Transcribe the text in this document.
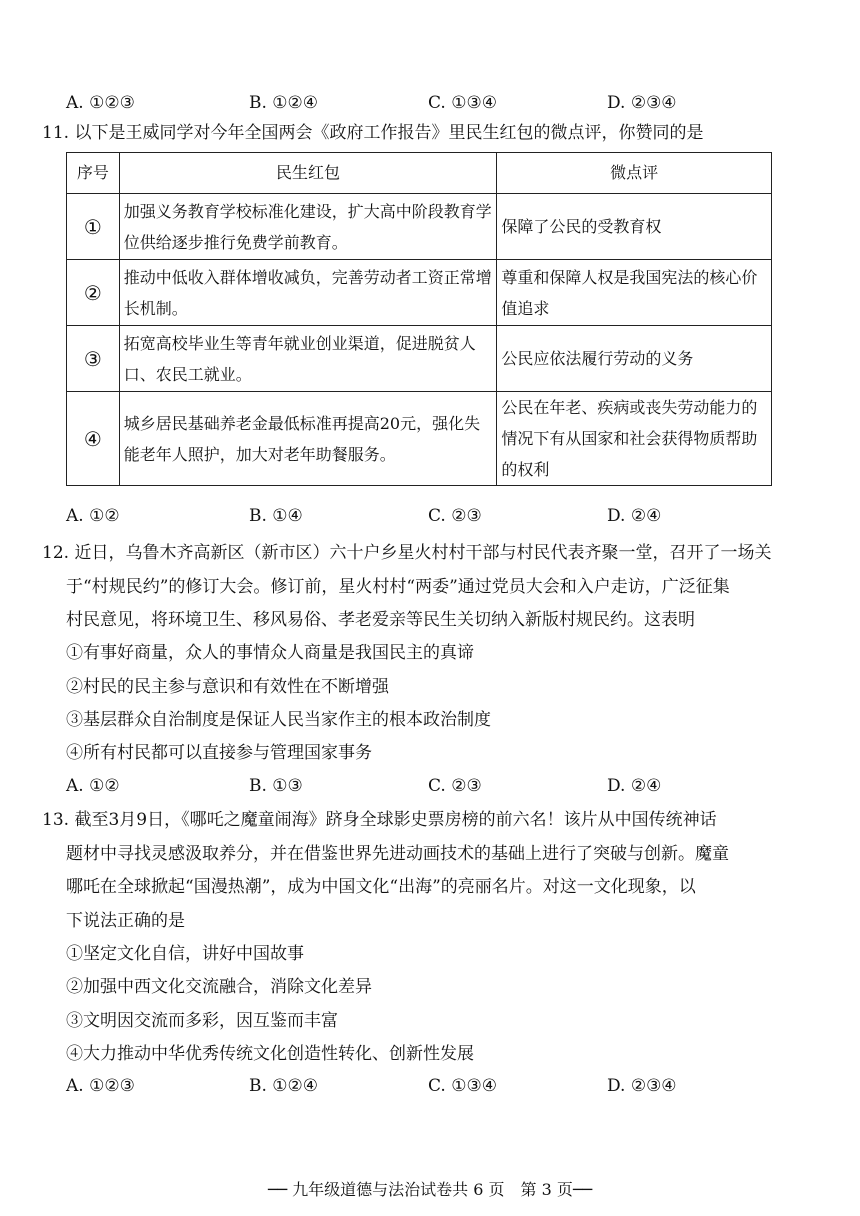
A. ①②③	B. ①②④	C. ①③④	D. ②③④
11. 以下是王威同学对今年全国两会《政府工作报告》里民生红包的微点评，你赞同的是
序号	民生红包	微点评
①	加强义务教育学校标准化建设，扩大高中阶段教育学位供给逐步推行免费学前教育。	保障了公民的受教育权
②	推动中低收入群体增收减负，完善劳动者工资正常增长机制。	尊重和保障人权是我国宪法的核心价值追求
③	拓宽高校毕业生等青年就业创业渠道，促进脱贫人口、农民工就业。	公民应依法履行劳动的义务
④	城乡居民基础养老金最低标准再提高20元，强化失能老年人照护，加大对老年助餐服务。	公民在年老、疾病或丧失劳动能力的情况下有从国家和社会获得物质帮助的权利
A. ①②	B. ①④	C. ②③	D. ②④
12. 近日，乌鲁木齐高新区（新市区）六十户乡星火村村干部与村民代表齐聚一堂，召开了一场关
于“村规民约”的修订大会。修订前，星火村村“两委”通过党员大会和入户走访，广泛征集
村民意见，将环境卫生、移风易俗、孝老爱亲等民生关切纳入新版村规民约。这表明
①有事好商量，众人的事情众人商量是我国民主的真谛
②村民的民主参与意识和有效性在不断增强
③基层群众自治制度是保证人民当家作主的根本政治制度
④所有村民都可以直接参与管理国家事务
A. ①②	B. ①③	C. ②③	D. ②④
13. 截至3月9日，《哪吒之魔童闹海》跻身全球影史票房榜的前六名！该片从中国传统神话
题材中寻找灵感汲取养分，并在借鉴世界先进动画技术的基础上进行了突破与创新。魔童
哪吒在全球掀起“国漫热潮”，成为中国文化“出海”的亮丽名片。对这一文化现象，以
下说法正确的是
①坚定文化自信，讲好中国故事
②加强中西文化交流融合，消除文化差异
③文明因交流而多彩，因互鉴而丰富
④大力推动中华优秀传统文化创造性转化、创新性发展
A. ①②③	B. ①②④	C. ①③④	D. ②③④
── 九年级道德与法治试卷共 6 页　第 3 页──
